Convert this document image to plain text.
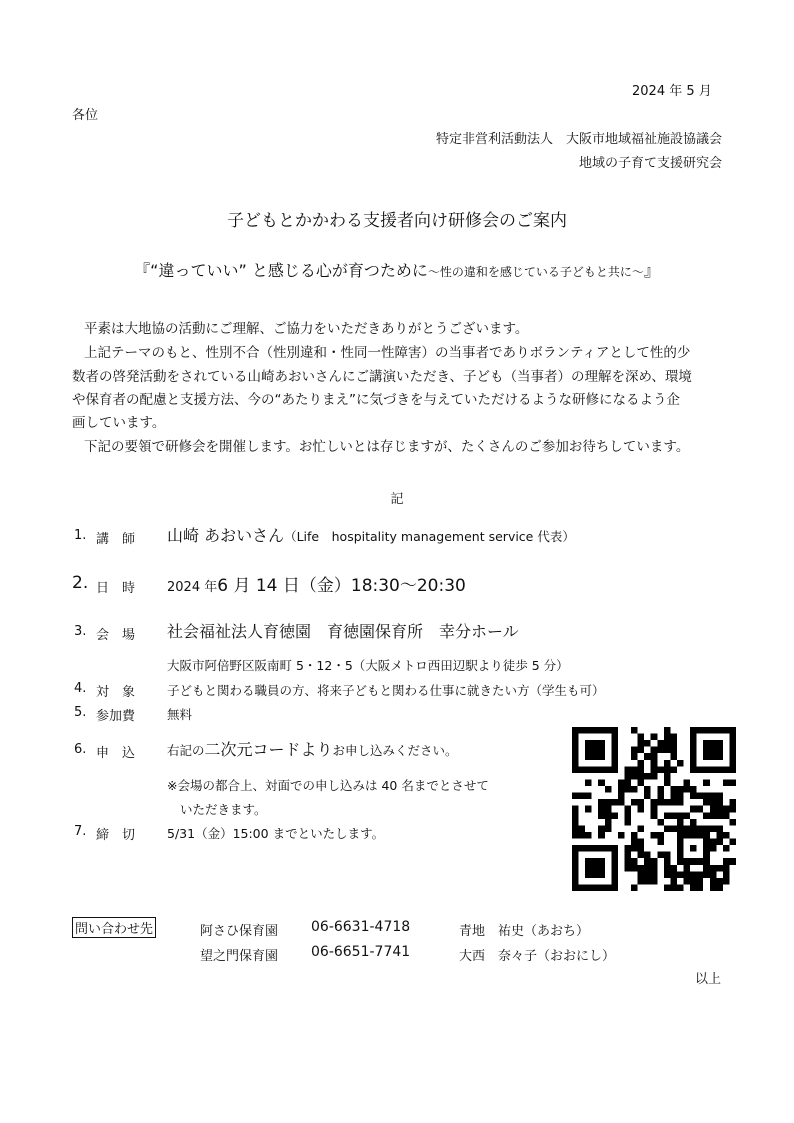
2024 年 5 月
各位
特定非営利活動法人　大阪市地域福祉施設協議会
地域の子育て支援研究会
子どもとかかわる支援者向け研修会のご案内
『“違っていい” と感じる心が育つために～性の違和を感じている子どもと共に～』
平素は大地協の活動にご理解、ご協力をいただきありがとうございます。
上記テーマのもと、性別不合（性別違和・性同一性障害）の当事者でありボランティアとして性的少
数者の啓発活動をされている山崎あおいさんにご講演いただき、子ども（当事者）の理解を深め、環境
や保育者の配慮と支援方法、今の“あたりまえ”に気づきを与えていただけるような研修になるよう企
画しています。
下記の要領で研修会を開催します。お忙しいとは存じますが、たくさんのご参加お待ちしています。
記
1. 講　師 山崎 あおいさん（Life　hospitality management service 代表）
2. 日　時 2024 年6 月 14 日（金）18:30～20:30
3. 会　場 社会福祉法人育徳園　育徳園保育所　幸分ホール
大阪市阿倍野区阪南町 5・12・5（大阪メトロ西田辺駅より徒歩 5 分）
4. 対　象	子どもと関わる職員の方、将来子どもと関わる仕事に就きたい方（学生も可）
5. 参加費	無料
6. 申　込	右記の二次元コードよりお申し込みください。
※会場の都合上、対面での申し込みは 40 名までとさせて
いただきます。
7. 締　切	5/31（金）15:00 までといたします。
問い合わせ先	阿さひ保育園 06-6631-4718	青地　祐史（あおち）
望之門保育園 06-6651-7741	大西　奈々子（おおにし）
以上
